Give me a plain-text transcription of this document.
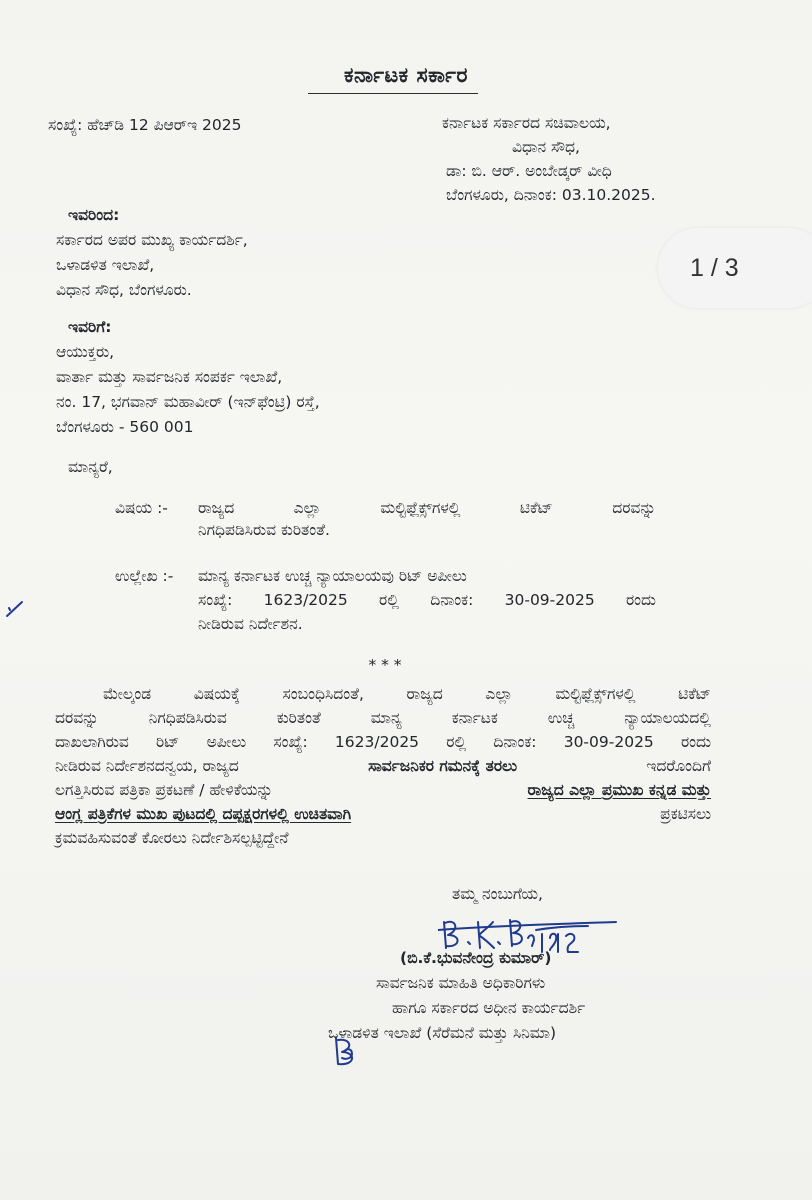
ಕರ್ನಾಟಕ ಸರ್ಕಾರ
ಸಂಖ್ಯೆ: ಹೆಚ್‌ಡಿ 12 ಪಿಆರ್‌ಇ 2025	ಕರ್ನಾಟಕ ಸರ್ಕಾರದ ಸಚಿವಾಲಯ,
ವಿಧಾನ ಸೌಧ,
ಡಾ: ಬಿ. ಆರ್. ಅಂಬೇಡ್ಕರ್ ವೀಧಿ
ಬೆಂಗಳೂರು, ದಿನಾಂಕ: 03.10.2025.
ಇವರಿಂದ:
ಸರ್ಕಾರದ ಅಪರ ಮುಖ್ಯ ಕಾರ್ಯದರ್ಶಿ,
ಒಳಾಡಳಿತ ಇಲಾಖೆ,
ವಿಧಾನ ಸೌಧ, ಬೆಂಗಳೂರು.
ಇವರಿಗೆ:
ಆಯುಕ್ತರು,
ವಾರ್ತಾ ಮತ್ತು ಸಾರ್ವಜನಿಕ ಸಂಪರ್ಕ ಇಲಾಖೆ,
ನಂ. 17, ಭಗವಾನ್ ಮಹಾವೀರ್ (ಇನ್‌ಫೆಂಟ್ರಿ) ರಸ್ತೆ,
ಬೆಂಗಳೂರು - 560 001
ಮಾನ್ಯರೆ,
ವಿಷಯ :- ರಾಜ್ಯದ ಎಲ್ಲಾ ಮಲ್ಟಿಫ್ಲೆಕ್ಸ್‌ಗಳಲ್ಲಿ ಟಿಕೆಟ್ ದರವನ್ನು
ನಿಗಧಿಪಡಿಸಿರುವ ಕುರಿತಂತೆ.
ಉಲ್ಲೇಖ :- ಮಾನ್ಯ ಕರ್ನಾಟಕ ಉಚ್ಚ ನ್ಯಾಯಾಲಯವು ರಿಟ್ ಅಪೀಲು
ಸಂಖ್ಯೆ: 1623/2025 ರಲ್ಲಿ ದಿನಾಂಕ: 30-09-2025 ರಂದು
ನೀಡಿರುವ ನಿರ್ದೇಶನ.
* * *
ಮೇಲ್ಕಂಡ ವಿಷಯಕ್ಕೆ ಸಂಬಂಧಿಸಿದಂತೆ, ರಾಜ್ಯದ ಎಲ್ಲಾ ಮಲ್ಟಿಫ್ಲೆಕ್ಸ್‌ಗಳಲ್ಲಿ ಟಿಕೆಟ್
ದರವನ್ನು ನಿಗಧಿಪಡಿಸಿರುವ ಕುರಿತಂತೆ ಮಾನ್ಯ ಕರ್ನಾಟಕ ಉಚ್ಚ ನ್ಯಾಯಾಲಯದಲ್ಲಿ
ದಾಖಲಾಗಿರುವ ರಿಟ್ ಅಪೀಲು ಸಂಖ್ಯೆ: 1623/2025 ರಲ್ಲಿ ದಿನಾಂಕ: 30-09-2025 ರಂದು
ನೀಡಿರುವ ನಿರ್ದೇಶನದನ್ವಯ, ರಾಜ್ಯದ	ಸಾರ್ವಜನಿಕರ ಗಮನಕ್ಕೆ ತರಲು	ಇದರೊಂದಿಗೆ
ಲಗತ್ತಿಸಿರುವ ಪತ್ರಿಕಾ ಪ್ರಕಟಣೆ / ಹೇಳಿಕೆಯನ್ನು	ರಾಜ್ಯದ ಎಲ್ಲಾ ಪ್ರಮುಖ ಕನ್ನಡ ಮತ್ತು
ಆಂಗ್ಲ ಪತ್ರಿಕೆಗಳ ಮುಖ ಪುಟದಲ್ಲಿ ದಪ್ಪಕ್ಷರಗಳಲ್ಲಿ ಉಚಿತವಾಗಿ	ಪ್ರಕಟಿಸಲು
ಕ್ರಮವಹಿಸುವಂತೆ ಕೋರಲು ನಿರ್ದೇಶಿಸಲ್ಪಟ್ಟಿದ್ದೇನೆ
ತಮ್ಮ ನಂಬುಗೆಯ,
(ಬಿ.ಕೆ.ಭುವನೇಂದ್ರ ಕುಮಾರ್)
ಸಾರ್ವಜನಿಕ ಮಾಹಿತಿ ಅಧಿಕಾರಿಗಳು
ಹಾಗೂ ಸರ್ಕಾರದ ಅಧೀನ ಕಾರ್ಯದರ್ಶಿ
ಒಳಾಡಳಿತ ಇಲಾಖೆ (ಸೆರೆಮನೆ ಮತ್ತು ಸಿನಿಮಾ)
1 / 3
